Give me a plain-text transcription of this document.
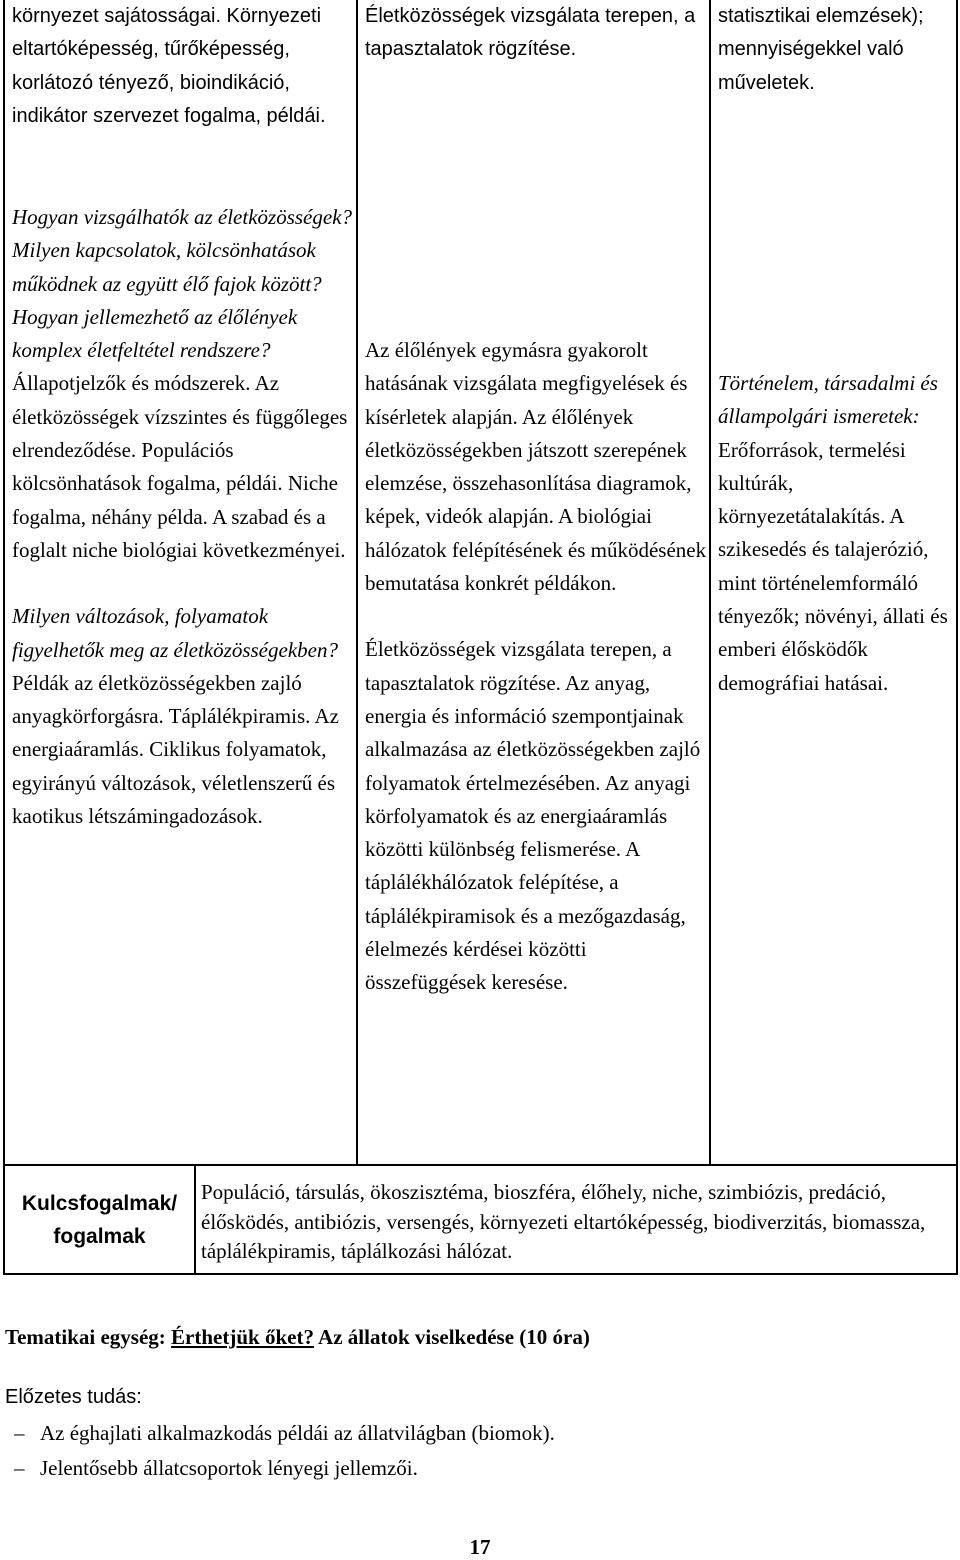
környezet sajátosságai. Környezeti eltartóképesség, tűrőképesség, korlátozó tényező, bioindikáció, indikátor szervezet fogalma, példái.

Életközösségek vizsgálata terepen, a tapasztalatok rögzítése.

statisztikai elemzések); mennyiségekkel való műveletek.

Hogyan vizsgálhatók az életközösségek? Milyen kapcsolatok, kölcsönhatások működnek az együtt élő fajok között? Hogyan jellemezhető az élőlények komplex életfeltétel rendszere?

Állapotjelzők és módszerek. Az életközösségek vízszintes és függőleges elrendeződése. Populációs kölcsönhatások fogalma, példái. Niche fogalma, néhány példa. A szabad és a foglalt niche biológiai következményei.

Milyen változások, folyamatok figyelhetők meg az életközösségekben?

Példák az életközösségekben zajló anyagkörforgásra. Táplálékpiramis. Az energiaáramlás. Ciklikus folyamatok, egyirányú változások, véletlenszerű és kaotikus létszámingadozások.

Az élőlények egymásra gyakorolt hatásának vizsgálata megfigyelések és kísérletek alapján. Az élőlények életközösségekben játszott szerepének elemzése, összehasonlítása diagramok, képek, videók alapján. A biológiai hálózatok felépítésének és működésének bemutatása konkrét példákon.

Életközösségek vizsgálata terepen, a tapasztalatok rögzítése. Az anyag, energia és információ szempontjainak alkalmazása az életközösségekben zajló folyamatok értelmezésében. Az anyagi körfolyamatok és az energiaáramlás közötti különbség felismerése. A táplálékhálózatok felépítése, a táplálékpiramisok és a mezőgazdaság, élelmezés kérdései közötti összefüggések keresése.

Történelem, társadalmi és állampolgári ismeretek:

Erőforrások, termelési kultúrák, környezetátalakítás. A szikesedés és talajerózió, mint történelemformáló tényezők; növényi, állati és emberi élősködők demográfiai hatásai.

Kulcsfogalmak/ fogalmak
Populáció, társulás, ökoszisztéma, bioszféra, élőhely, niche, szimbiózis, predáció, élősködés, antibiózis, versengés, környezeti eltartóképesség, biodiverzitás, biomassza, táplálékpiramis, táplálkozási hálózat.
Tematikai egység: Érthetjük őket? Az állatok viselkedése (10 óra)
Előzetes tudás:
– Az éghajlati alkalmazkodás példái az állatvilágban (biomok).
– Jelentősebb állatcsoportok lényegi jellemzői.
17
